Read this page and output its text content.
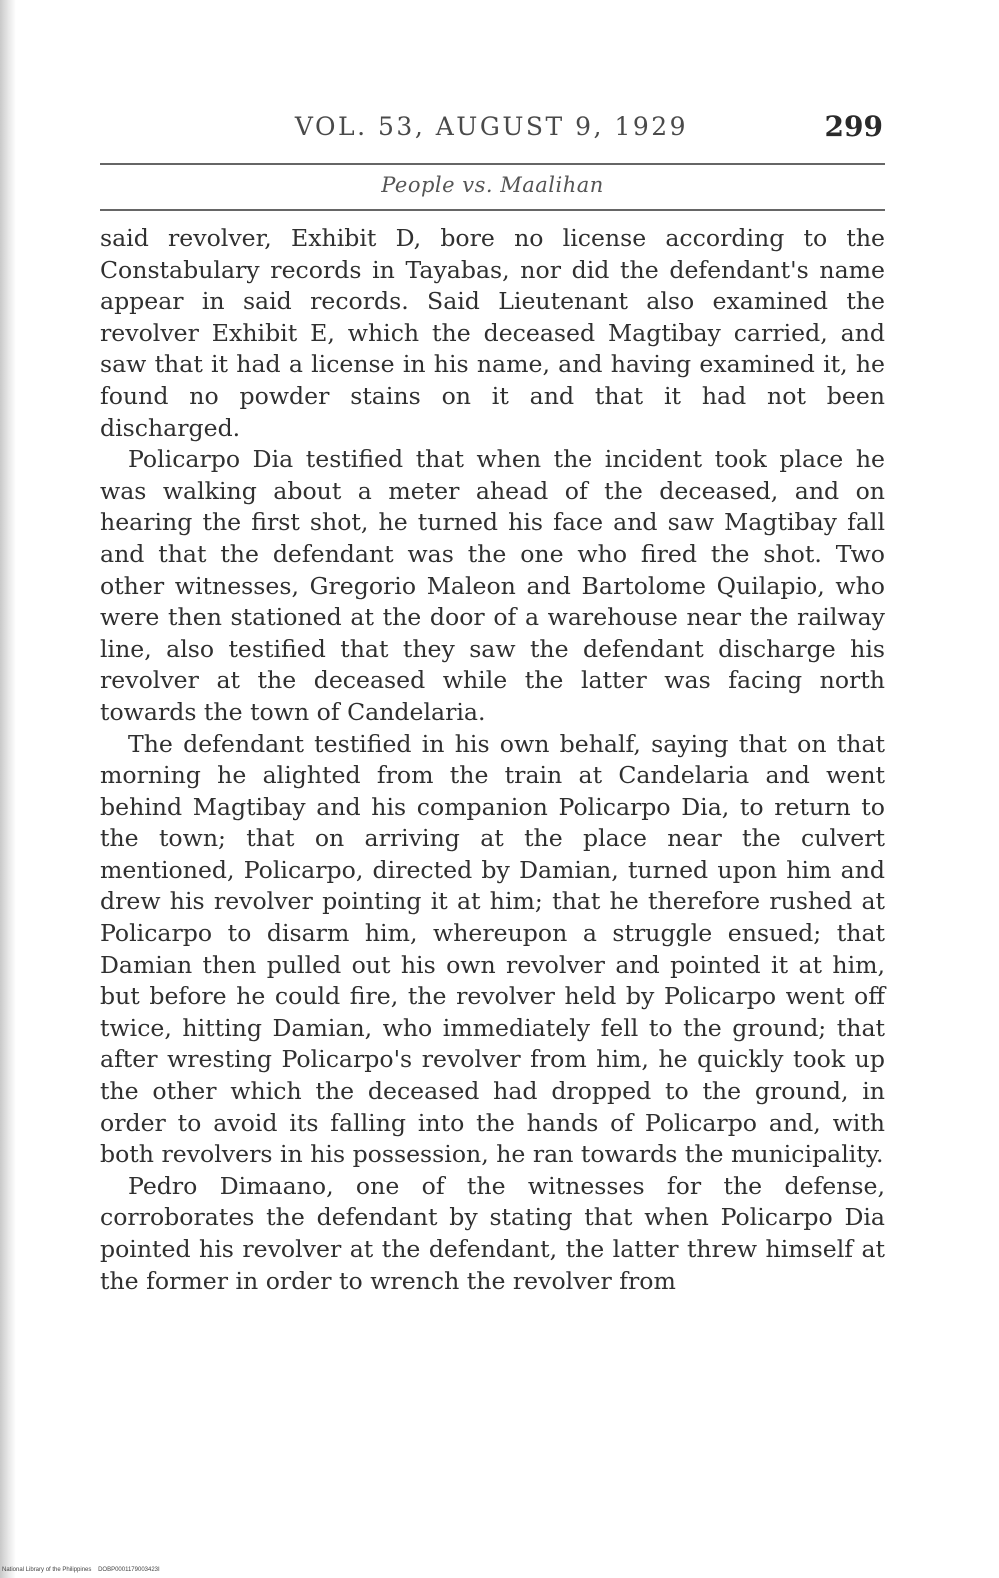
VOL. 53, AUGUST 9, 1929	299
People vs. Maalihan

said revolver, Exhibit D, bore no license according to the Constabulary records in Tayabas, nor did the defendant's name appear in said records. Said Lieutenant also examined the revolver Exhibit E, which the deceased Magtibay carried, and saw that it had a license in his name, and having examined it, he found no powder stains on it and that it had not been discharged.

Policarpo Dia testified that when the incident took place he was walking about a meter ahead of the deceased, and on hearing the first shot, he turned his face and saw Magtibay fall and that the defendant was the one who fired the shot. Two other witnesses, Gregorio Maleon and Bartolome Quilapio, who were then stationed at the door of a warehouse near the railway line, also testified that they saw the defendant discharge his revolver at the deceased while the latter was facing north towards the town of Candelaria.

The defendant testified in his own behalf, saying that on that morning he alighted from the train at Candelaria and went behind Magtibay and his companion Policarpo Dia, to return to the town; that on arriving at the place near the culvert mentioned, Policarpo, directed by Damian, turned upon him and drew his revolver pointing it at him; that he therefore rushed at Policarpo to disarm him, whereupon a struggle ensued; that Damian then pulled out his own revolver and pointed it at him, but before he could fire, the revolver held by Policarpo went off twice, hitting Damian, who immediately fell to the ground; that after wresting Policarpo's revolver from him, he quickly took up the other which the deceased had dropped to the ground, in order to avoid its falling into the hands of Policarpo and, with both revolvers in his possession, he ran towards the municipality.

Pedro Dimaano, one of the witnesses for the defense, corroborates the defendant by stating that when Policarpo Dia pointed his revolver at the defendant, the latter threw himself at the former in order to wrench the revolver from

National Library of the Philippines DOBP0001179003423I
